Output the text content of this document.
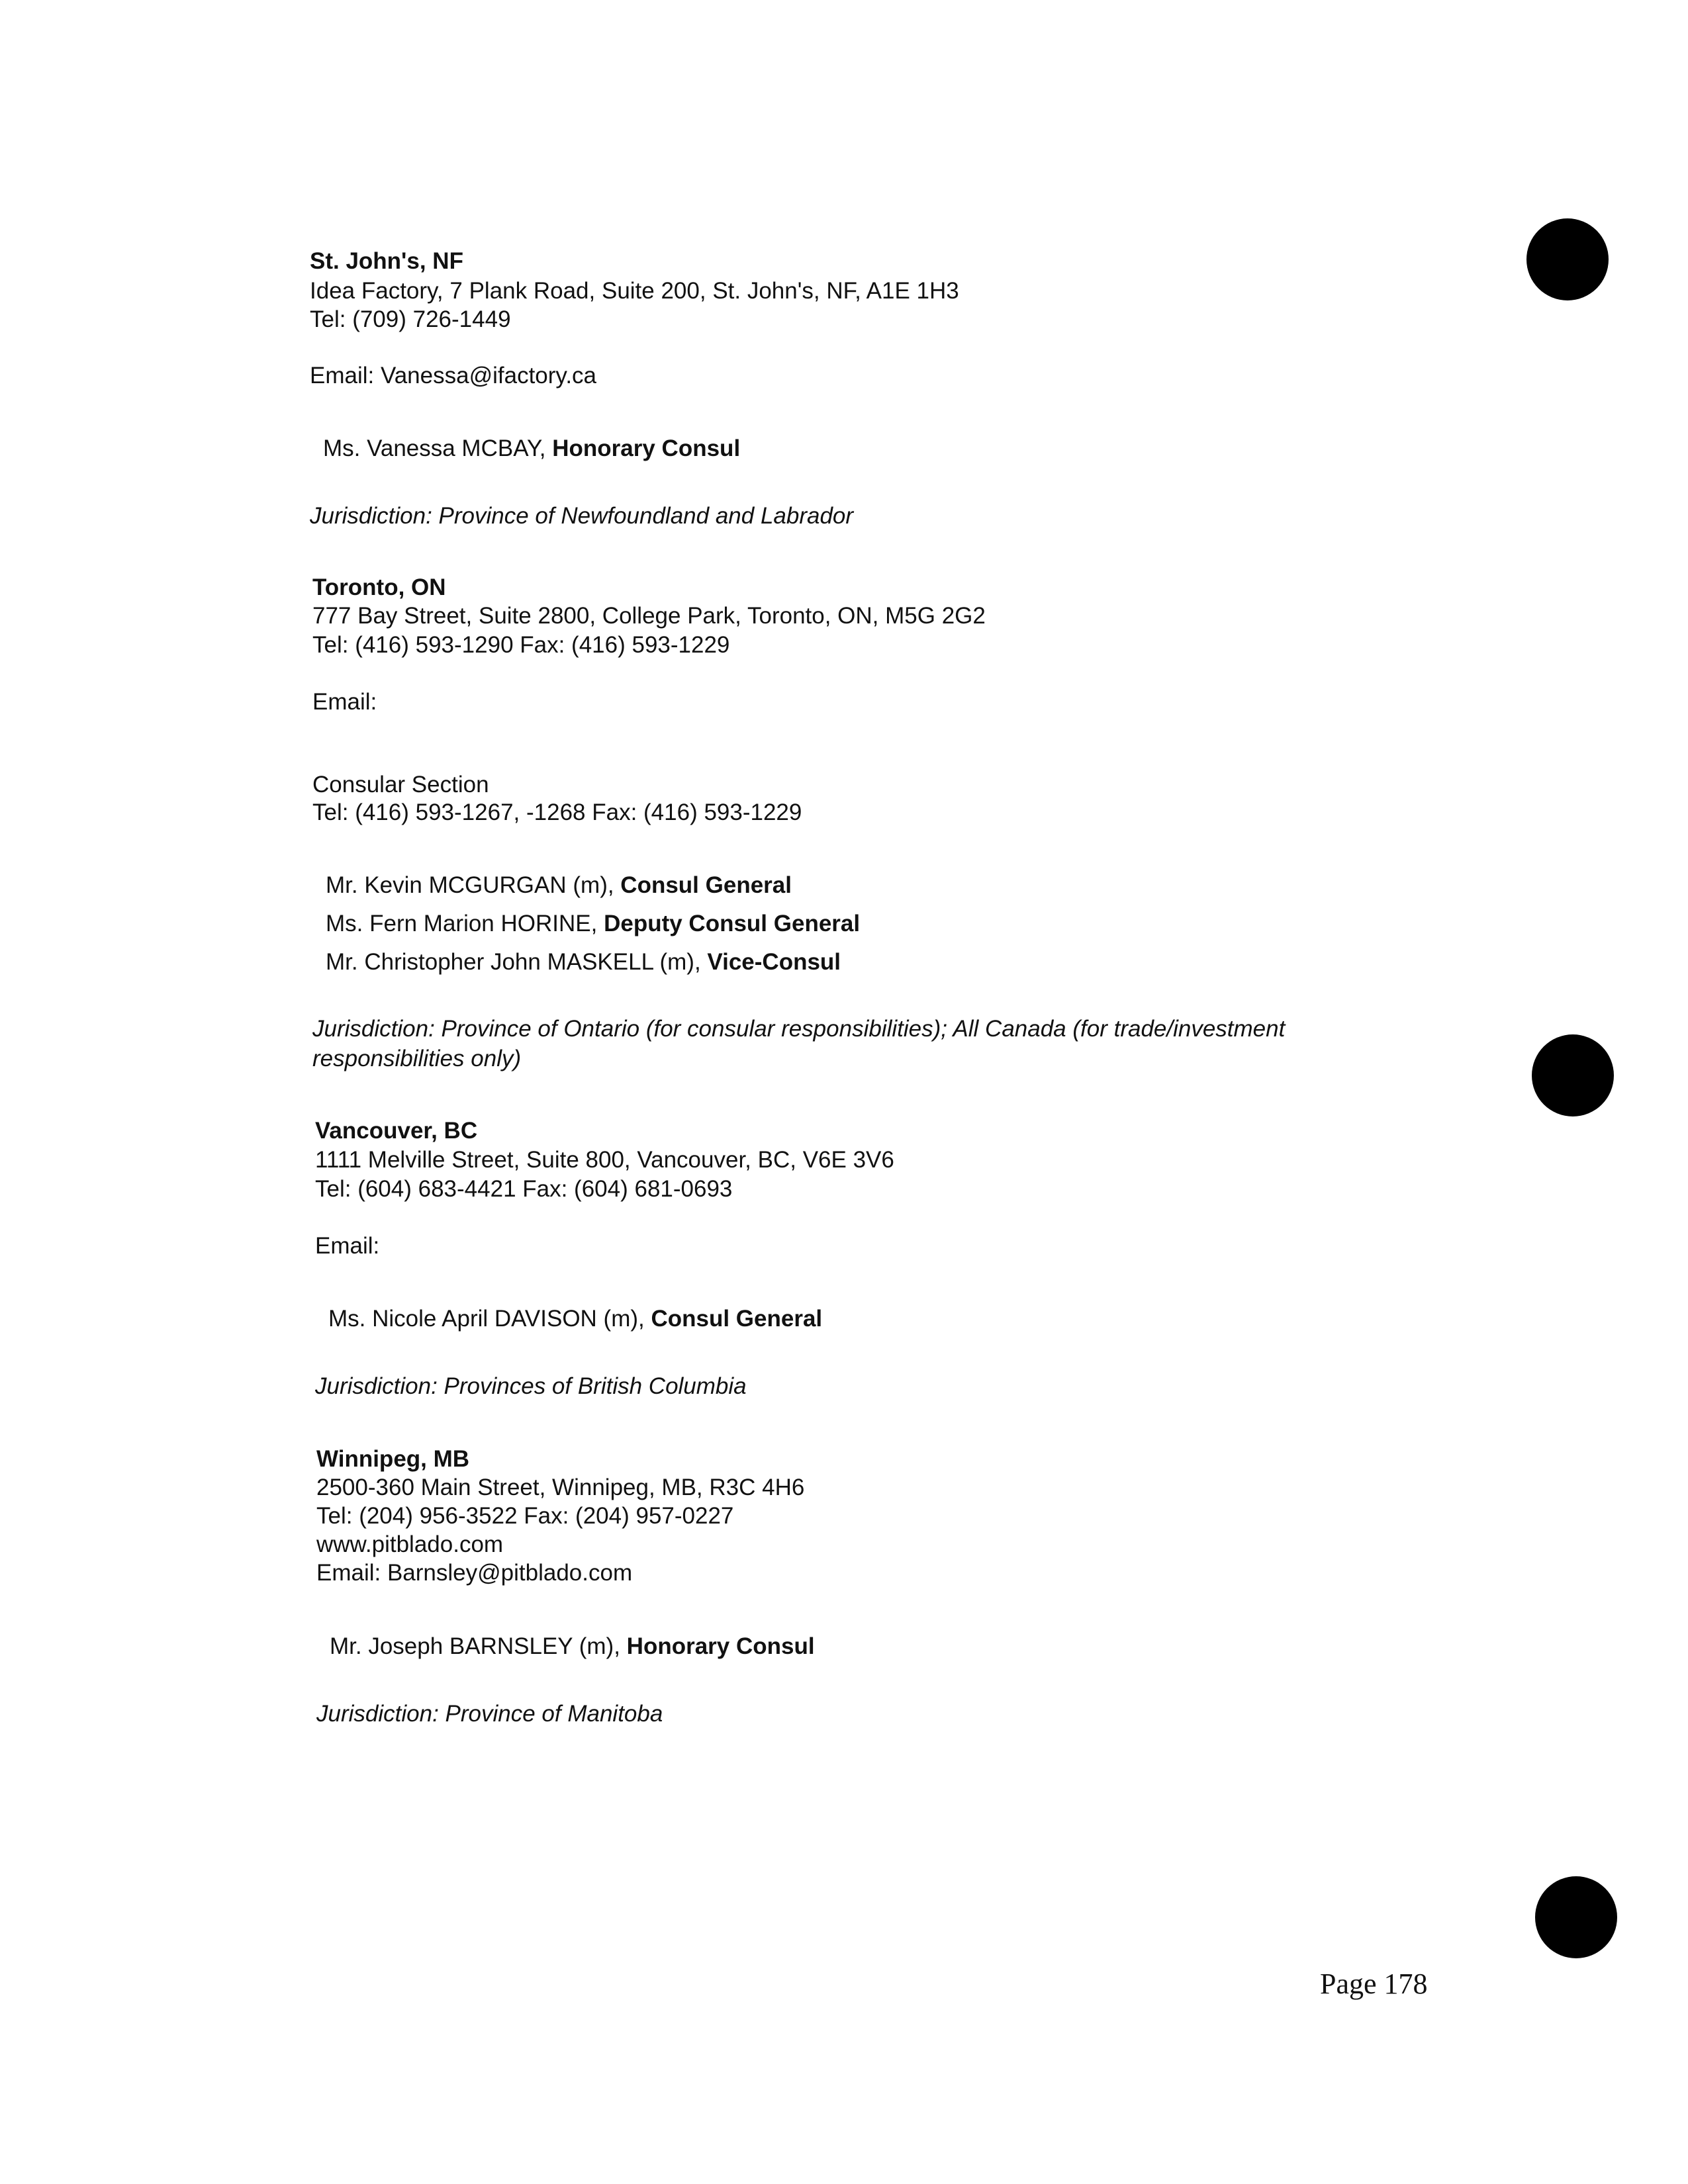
St. John's, NF
Idea Factory, 7 Plank Road, Suite 200, St. John's, NF, A1E 1H3
Tel: (709) 726-1449
Email: Vanessa@ifactory.ca
Ms. Vanessa MCBAY, Honorary Consul
Jurisdiction: Province of Newfoundland and Labrador
Toronto, ON
777 Bay Street, Suite 2800, College Park, Toronto, ON, M5G 2G2
Tel: (416) 593-1290 Fax: (416) 593-1229
Email:
Consular Section
Tel: (416) 593-1267, -1268 Fax: (416) 593-1229
Mr. Kevin MCGURGAN (m), Consul General
Ms. Fern Marion HORINE, Deputy Consul General
Mr. Christopher John MASKELL (m), Vice-Consul
Jurisdiction: Province of Ontario (for consular responsibilities); All Canada (for trade/investment
responsibilities only)
Vancouver, BC
1111 Melville Street, Suite 800, Vancouver, BC, V6E 3V6
Tel: (604) 683-4421 Fax: (604) 681-0693
Email:
Ms. Nicole April DAVISON (m), Consul General
Jurisdiction: Provinces of British Columbia
Winnipeg, MB
2500-360 Main Street, Winnipeg, MB, R3C 4H6
Tel: (204) 956-3522 Fax: (204) 957-0227
www.pitblado.com
Email: Barnsley@pitblado.com
Mr. Joseph BARNSLEY (m), Honorary Consul
Jurisdiction: Province of Manitoba
Page 178
